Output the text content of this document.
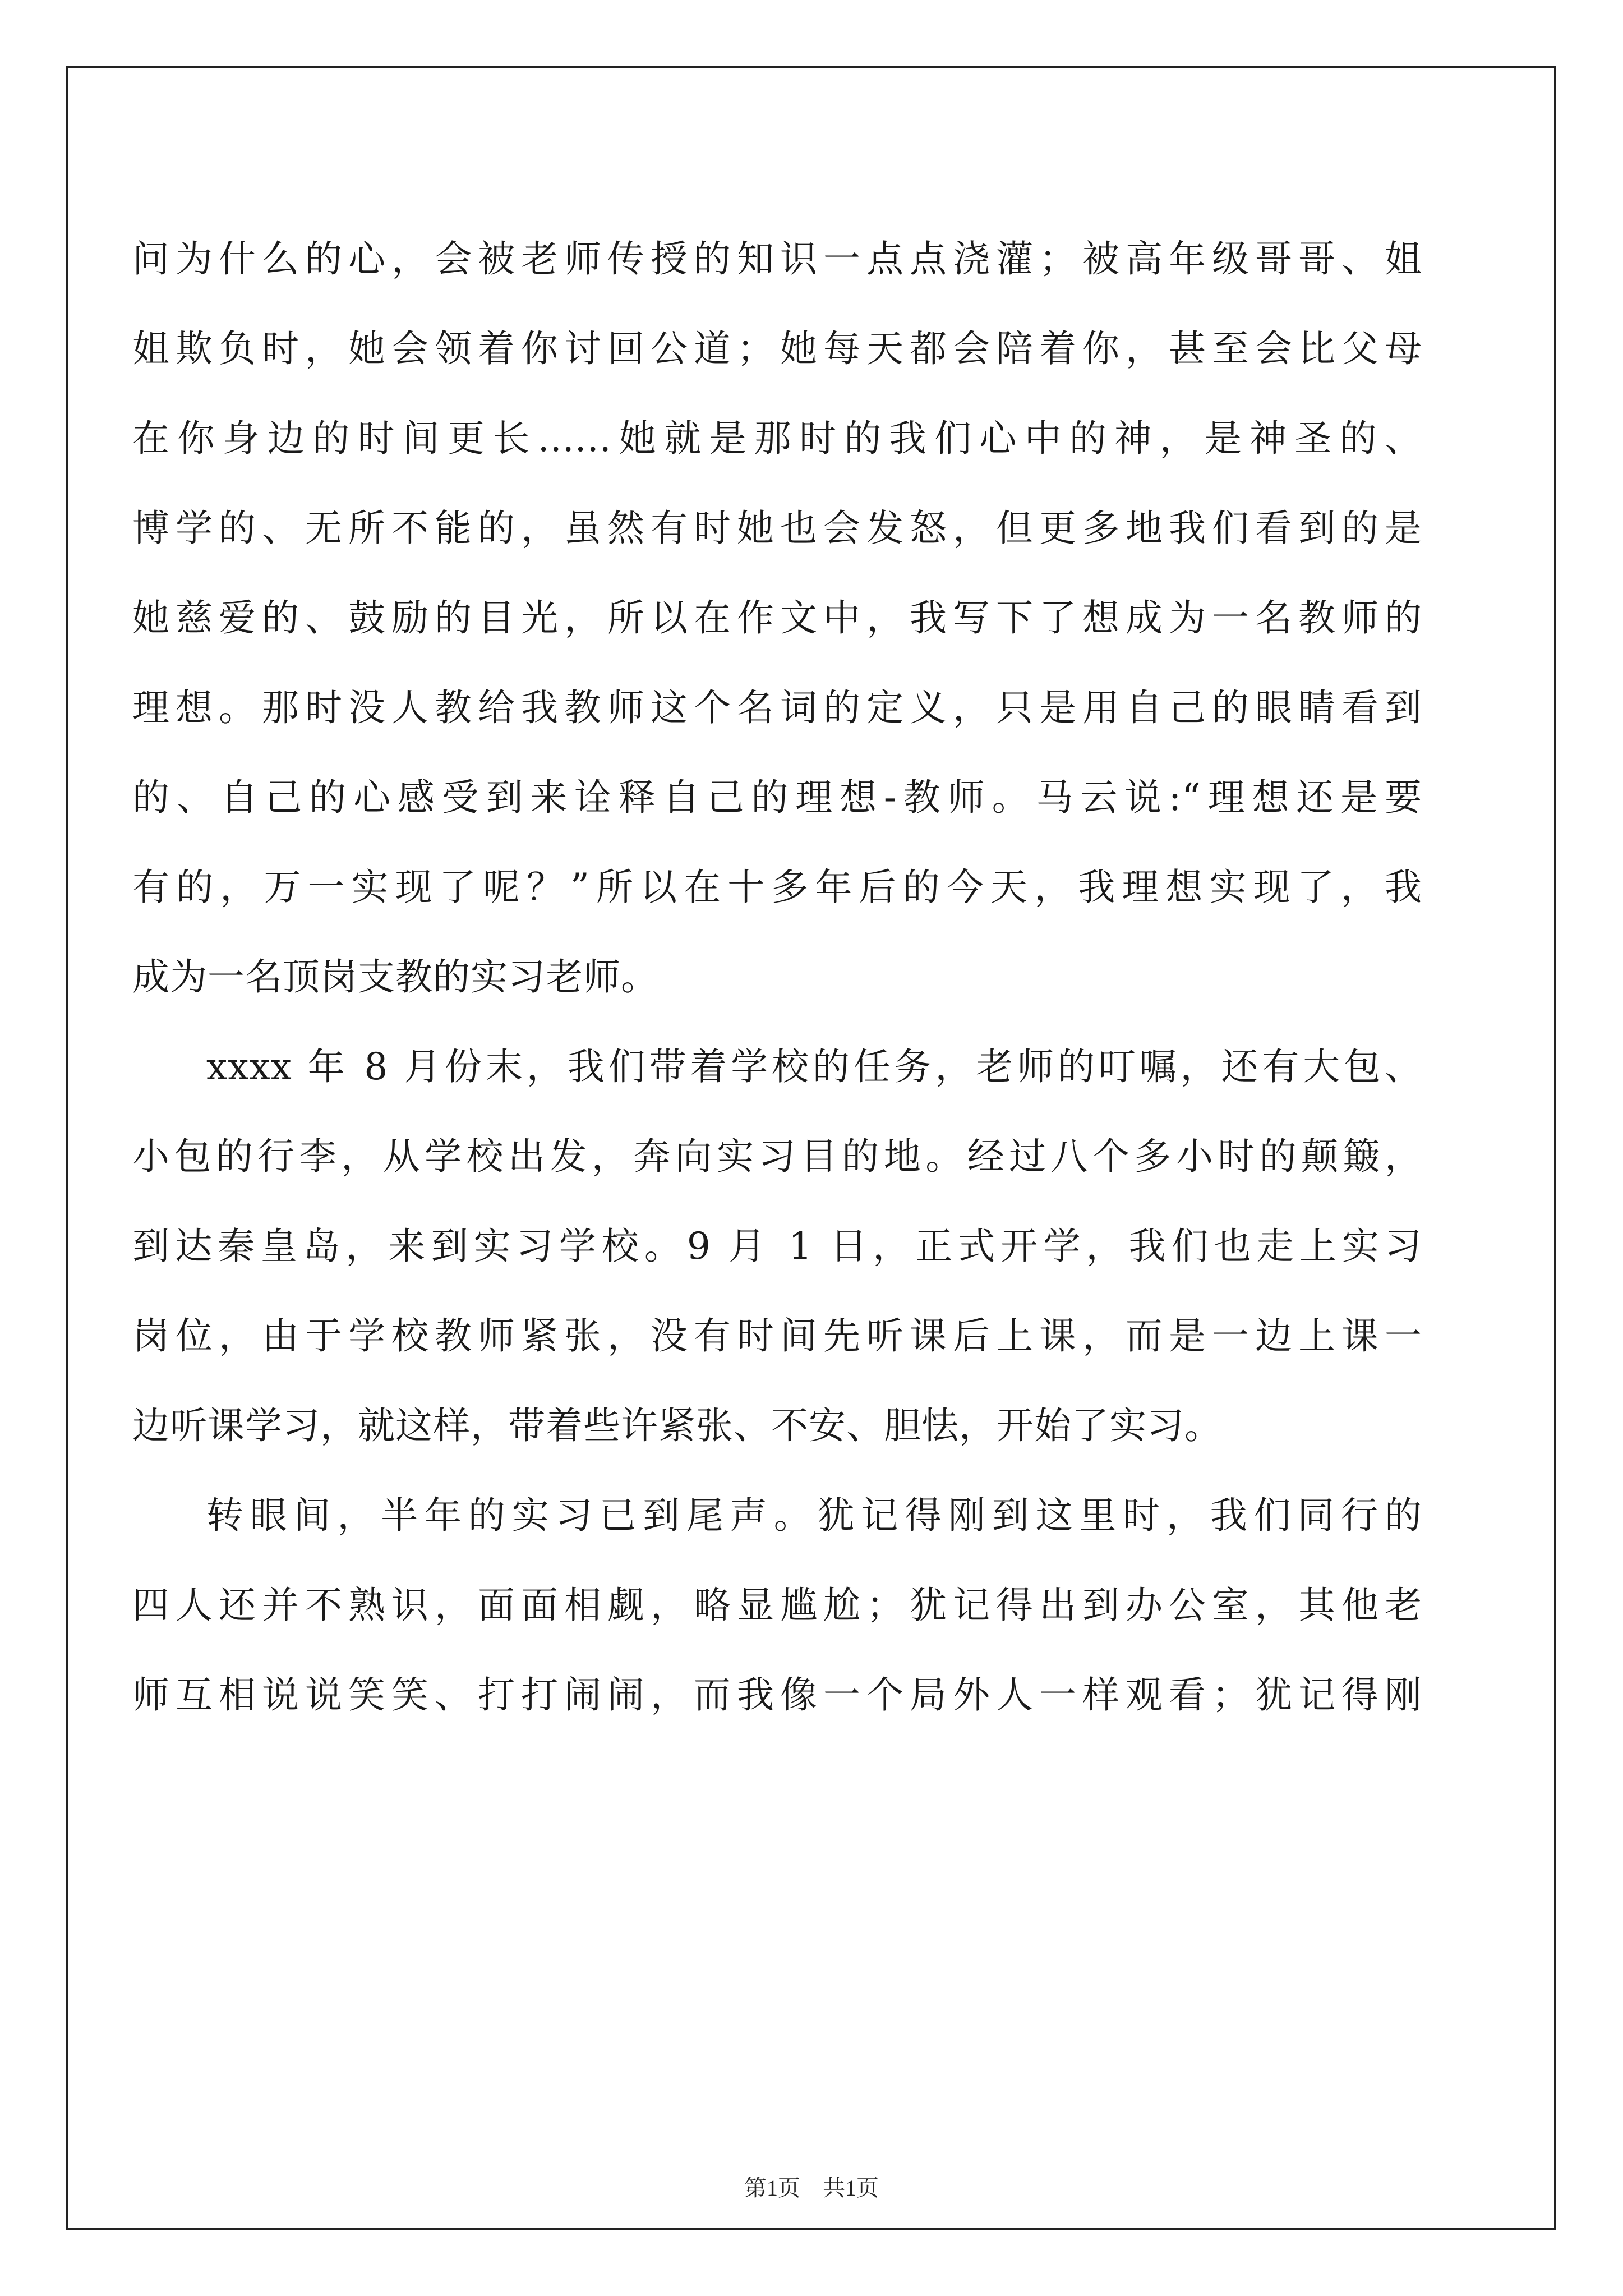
问为什么的心，会被老师传授的知识一点点浇灌；被高年级哥哥、姐
姐欺负时，她会领着你讨回公道；她每天都会陪着你，甚至会比父母
在你身边的时间更长......她就是那时的我们心中的神，是神圣的、
博学的、无所不能的，虽然有时她也会发怒，但更多地我们看到的是
她慈爱的、鼓励的目光，所以在作文中，我写下了想成为一名教师的
理想。那时没人教给我教师这个名词的定义，只是用自己的眼睛看到
的、自己的心感受到来诠释自己的理想-教师。马云说:“理想还是要
有的，万一实现了呢？”所以在十多年后的今天，我理想实现了，我
成为一名顶岗支教的实习老师。
xxxx 年 8 月份末，我们带着学校的任务，老师的叮嘱，还有大包、
小包的行李，从学校出发，奔向实习目的地。经过八个多小时的颠簸，
到达秦皇岛，来到实习学校。9 月 1 日，正式开学，我们也走上实习
岗位，由于学校教师紧张，没有时间先听课后上课，而是一边上课一
边听课学习，就这样，带着些许紧张、不安、胆怯，开始了实习。
转眼间，半年的实习已到尾声。犹记得刚到这里时，我们同行的
四人还并不熟识，面面相觑，略显尴尬；犹记得出到办公室，其他老
师互相说说笑笑、打打闹闹，而我像一个局外人一样观看；犹记得刚
第1页 共1页
